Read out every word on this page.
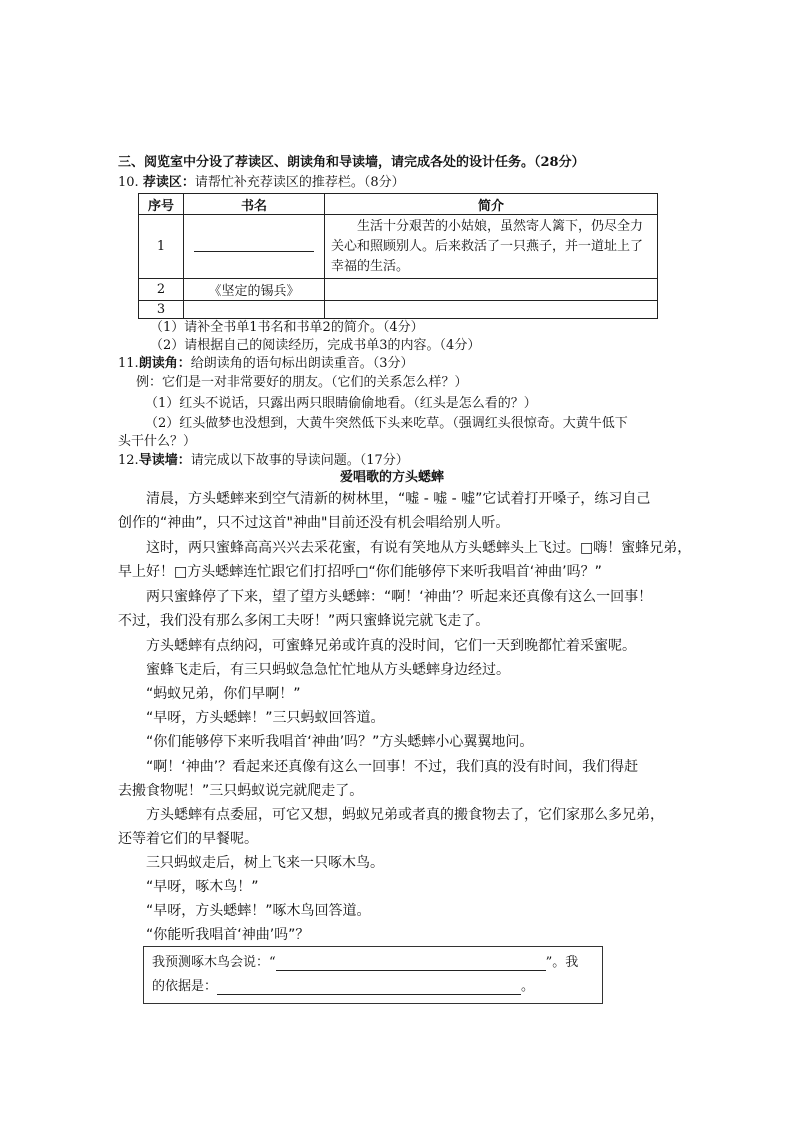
三、阅览室中分设了荐读区、朗读角和导读墙，请完成各处的设计任务。（28分）
10. 荐读区：请帮忙补充荐读区的推荐栏。（8分）
序号	书名	简介
1		生活十分艰苦的小姑娘，虽然寄人篱下，仍尽全力关心和照顾别人。后来救活了一只燕子，并一道址上了幸福的生活。
2	《坚定的锡兵》	
3		
（1）请补全书单1书名和书单2的简介。（4分）
（2）请根据自己的阅读经历，完成书单3的内容。（4分）
11.朗读角：给朗读角的语句标出朗读重音。（3分）
例：它们是一对非常要好的朋友。（它们的关系怎么样？）
（1）红头不说话，只露出两只眼睛偷偷地看。（红头是怎么看的？）
（2）红头做梦也没想到，大黄牛突然低下头来吃草。（强调红头很惊奇。大黄牛低下
头干什么？）
12.导读墙：请完成以下故事的导读问题。（17分）
爱唱歌的方头蟋蟀
清晨，方头蟋蟀来到空气清新的树林里，“嘘 - 嘘 - 嘘”它试着打开嗓子，练习自己
创作的“神曲”，只不过这首"神曲"目前还没有机会唱给别人听。
这时，两只蜜蜂高高兴兴去采花蜜，有说有笑地从方头蟋蟀头上飞过。□嗨！蜜蜂兄弟，
早上好！□方头蟋蟀连忙跟它们打招呼□“你们能够停下来听我唱首‘神曲’吗？”
两只蜜蜂停了下来，望了望方头蟋蟀：“啊！‘神曲’？听起来还真像有这么一回事！
不过，我们没有那么多闲工夫呀！”两只蜜蜂说完就飞走了。
方头蟋蟀有点纳闷，可蜜蜂兄弟或许真的没时间，它们一天到晚都忙着采蜜呢。
蜜蜂飞走后，有三只蚂蚁急急忙忙地从方头蟋蟀身边经过。
“蚂蚁兄弟，你们早啊！”
“早呀，方头蟋蟀！”三只蚂蚁回答道。
“你们能够停下来听我唱首‘神曲’吗？”方头蟋蟀小心翼翼地问。
“啊！‘神曲’？看起来还真像有这么一回事！不过，我们真的没有时间，我们得赶
去搬食物呢！”三只蚂蚁说完就爬走了。
方头蟋蟀有点委屈，可它又想，蚂蚁兄弟或者真的搬食物去了，它们家那么多兄弟，
还等着它们的早餐呢。
三只蚂蚁走后，树上飞来一只啄木鸟。
“早呀，啄木鸟！”
“早呀，方头蟋蟀！”啄木鸟回答道。
“你能听我唱首‘神曲’吗”？
我预测啄木鸟会说：“	”。我
的依据是：	。
